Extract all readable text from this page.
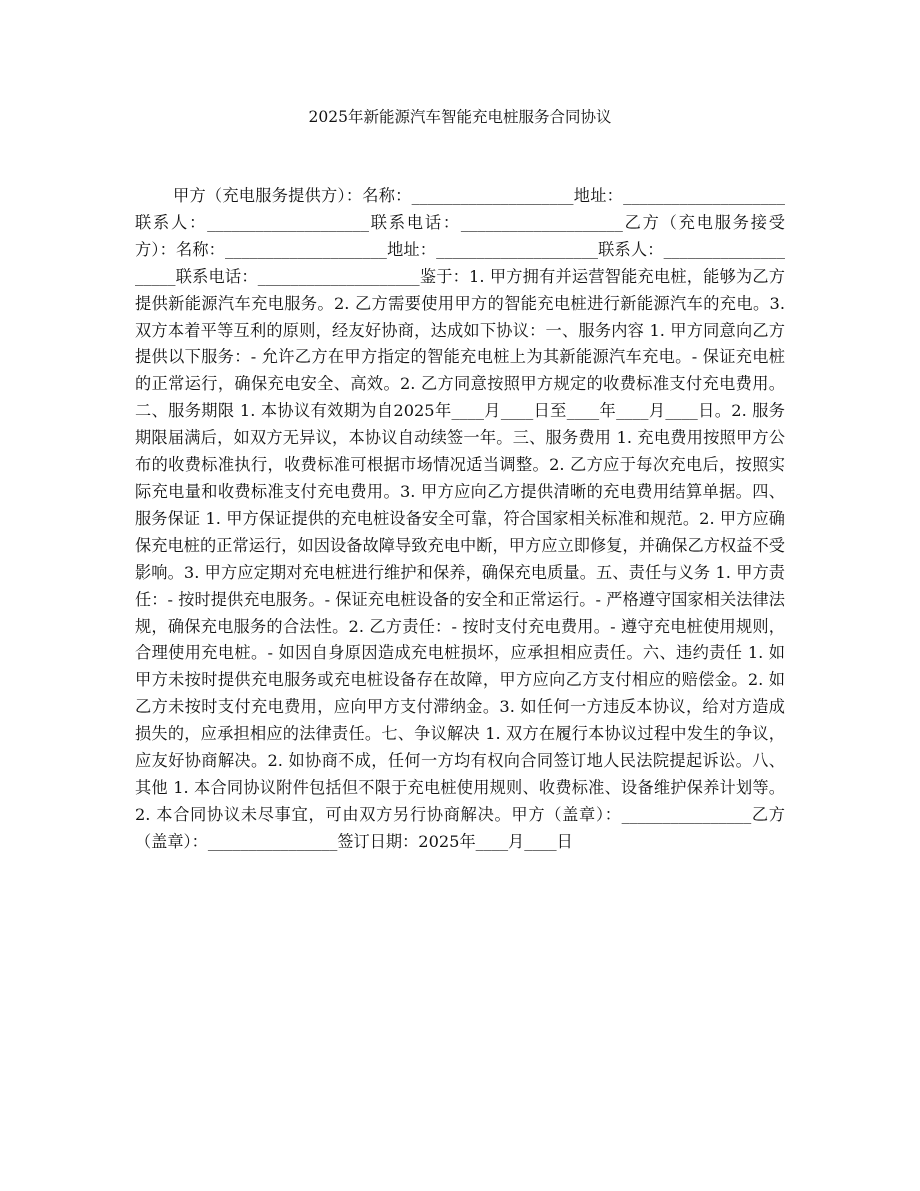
2025年新能源汽车智能充电桩服务合同协议

甲方（充电服务提供方）：名称：____________________地址：____________________联系人：____________________联系电话：____________________乙方（充电服务接受方）：名称：____________________地址：____________________联系人：____________________联系电话：____________________鉴于：1. 甲方拥有并运营智能充电桩，能够为乙方提供新能源汽车充电服务。2. 乙方需要使用甲方的智能充电桩进行新能源汽车的充电。3. 双方本着平等互利的原则，经友好协商，达成如下协议：一、服务内容 1. 甲方同意向乙方提供以下服务：- 允许乙方在甲方指定的智能充电桩上为其新能源汽车充电。- 保证充电桩的正常运行，确保充电安全、高效。2. 乙方同意按照甲方规定的收费标准支付充电费用。二、服务期限 1. 本协议有效期为自2025年____月____日至____年____月____日。2. 服务期限届满后，如双方无异议，本协议自动续签一年。三、服务费用 1. 充电费用按照甲方公布的收费标准执行，收费标准可根据市场情况适当调整。2. 乙方应于每次充电后，按照实际充电量和收费标准支付充电费用。3. 甲方应向乙方提供清晰的充电费用结算单据。四、服务保证 1. 甲方保证提供的充电桩设备安全可靠，符合国家相关标准和规范。2. 甲方应确保充电桩的正常运行，如因设备故障导致充电中断，甲方应立即修复，并确保乙方权益不受影响。3. 甲方应定期对充电桩进行维护和保养，确保充电质量。五、责任与义务 1. 甲方责任：- 按时提供充电服务。- 保证充电桩设备的安全和正常运行。- 严格遵守国家相关法律法规，确保充电服务的合法性。2. 乙方责任：- 按时支付充电费用。- 遵守充电桩使用规则，合理使用充电桩。- 如因自身原因造成充电桩损坏，应承担相应责任。六、违约责任 1. 如甲方未按时提供充电服务或充电桩设备存在故障，甲方应向乙方支付相应的赔偿金。2. 如乙方未按时支付充电费用，应向甲方支付滞纳金。3. 如任何一方违反本协议，给对方造成损失的，应承担相应的法律责任。七、争议解决 1. 双方在履行本协议过程中发生的争议，应友好协商解决。2. 如协商不成，任何一方均有权向合同签订地人民法院提起诉讼。八、其他 1. 本合同协议附件包括但不限于充电桩使用规则、收费标准、设备维护保养计划等。2. 本合同协议未尽事宜，可由双方另行协商解决。甲方（盖章）：________________乙方（盖章）：________________签订日期：2025年____月____日
